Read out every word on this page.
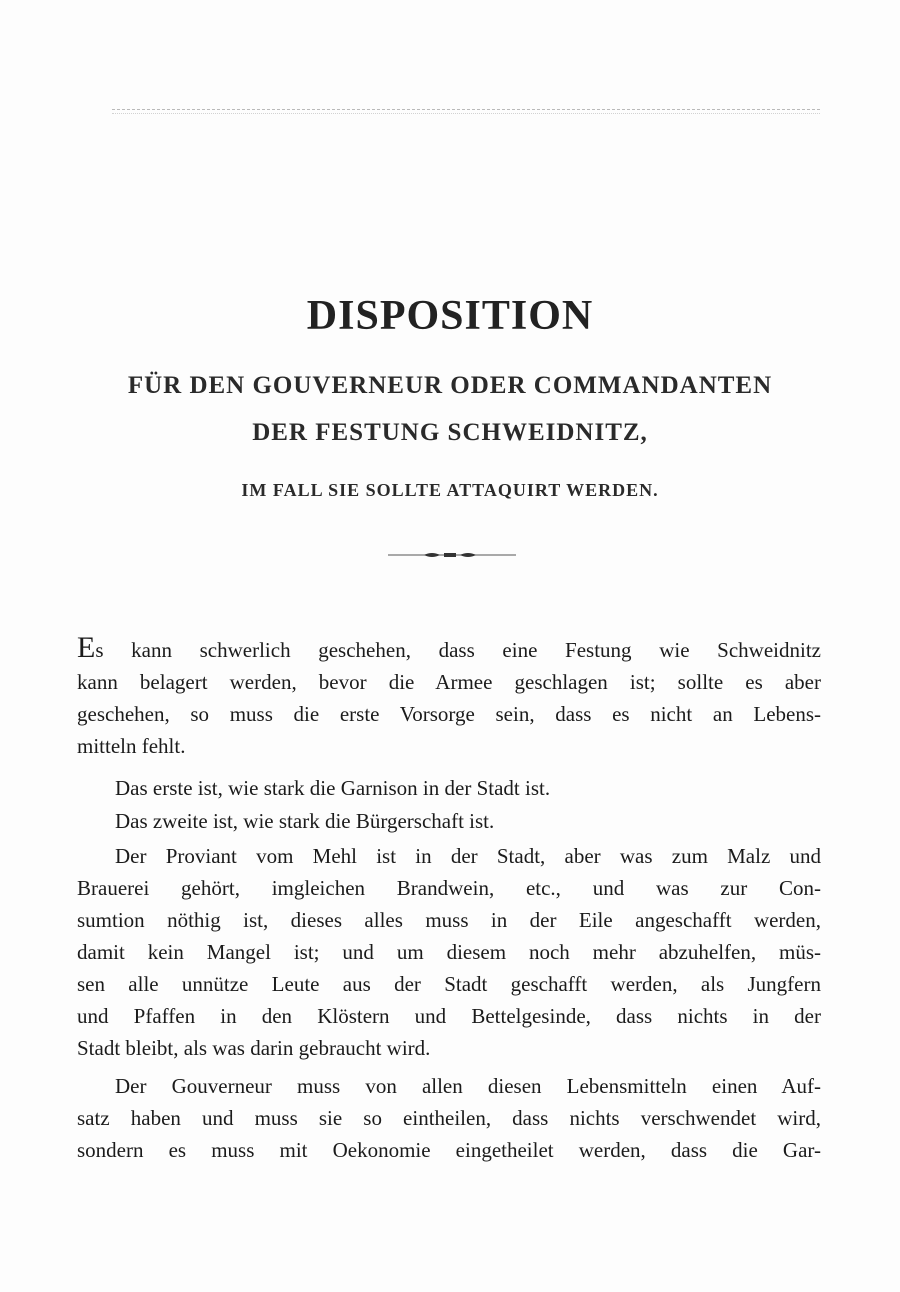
DISPOSITION
FÜR DEN GOUVERNEUR ODER COMMANDANTEN
DER FESTUNG SCHWEIDNITZ,
IM FALL SIE SOLLTE ATTAQUIRT WERDEN.
Es kann schwerlich geschehen, dass eine Festung wie Schweidnitz
kann belagert werden, bevor die Armee geschlagen ist; sollte es aber
geschehen, so muss die erste Vorsorge sein, dass es nicht an Lebens-
mitteln fehlt.
Das erste ist, wie stark die Garnison in der Stadt ist.
Das zweite ist, wie stark die Bürgerschaft ist.
Der Proviant vom Mehl ist in der Stadt, aber was zum Malz und
Brauerei gehört, imgleichen Brandwein, etc., und was zur Con-
sumtion nöthig ist, dieses alles muss in der Eile angeschafft werden,
damit kein Mangel ist; und um diesem noch mehr abzuhelfen, müs-
sen alle unnütze Leute aus der Stadt geschafft werden, als Jungfern
und Pfaffen in den Klöstern und Bettelgesinde, dass nichts in der
Stadt bleibt, als was darin gebraucht wird.
Der Gouverneur muss von allen diesen Lebensmitteln einen Auf-
satz haben und muss sie so eintheilen, dass nichts verschwendet wird,
sondern es muss mit Oekonomie eingetheilet werden, dass die Gar-
